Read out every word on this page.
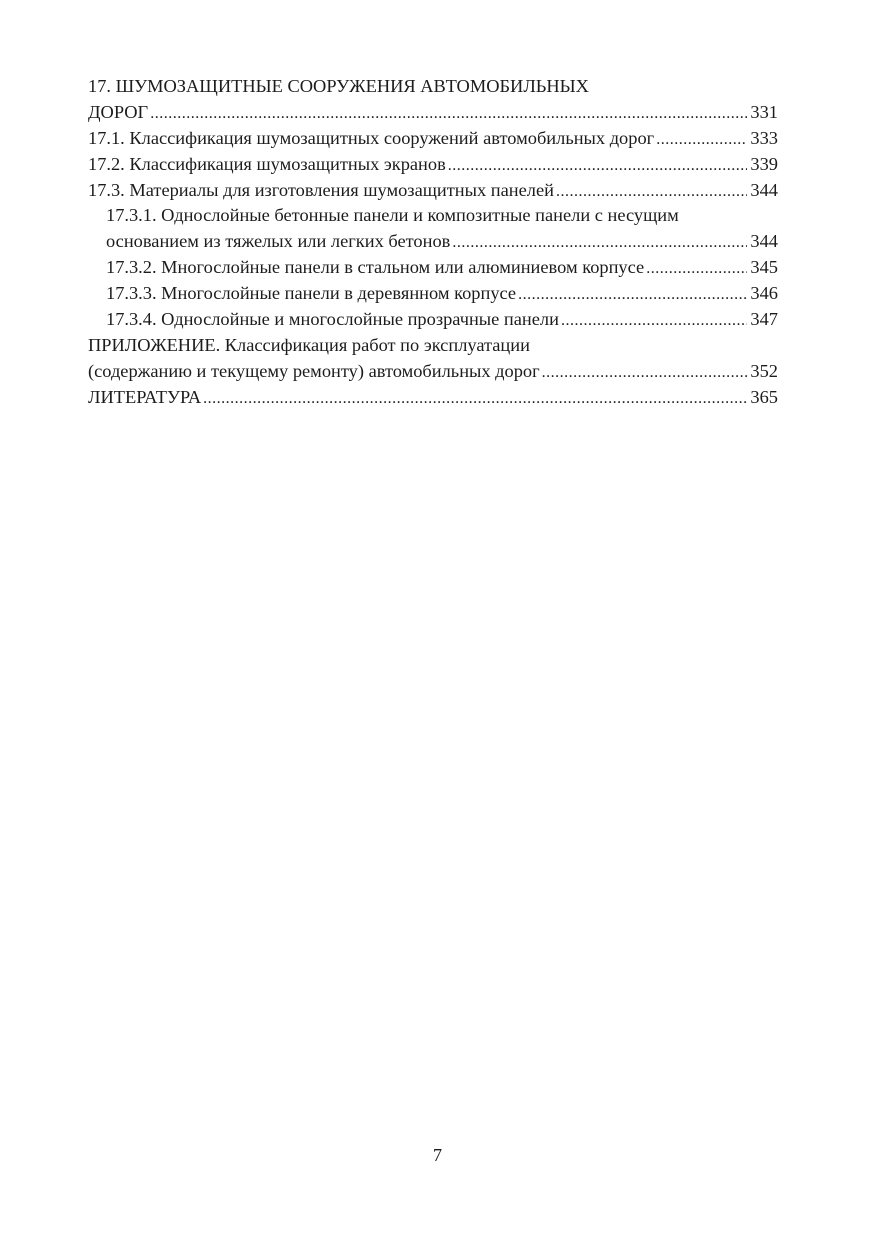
17. ШУМОЗАЩИТНЫЕ СООРУЖЕНИЯ АВТОМОБИЛЬНЫХ
ДОРОГ .....	331
17.1. Классификация шумозащитных сооружений автомобильных дорог .....	333
17.2. Классификация шумозащитных экранов .....	339
17.3. Материалы для изготовления шумозащитных панелей .....	344
17.3.1. Однослойные бетонные панели и композитные панели с несущим
основанием из тяжелых или легких бетонов .....	344
17.3.2. Многослойные панели в стальном или алюминиевом корпусе .....	345
17.3.3. Многослойные панели в деревянном корпусе .....	346
17.3.4. Однослойные и многослойные прозрачные панели .....	347
ПРИЛОЖЕНИЕ. Классификация работ по эксплуатации
(содержанию и текущему ремонту) автомобильных дорог .....	352
ЛИТЕРАТУРА .....	365
7
